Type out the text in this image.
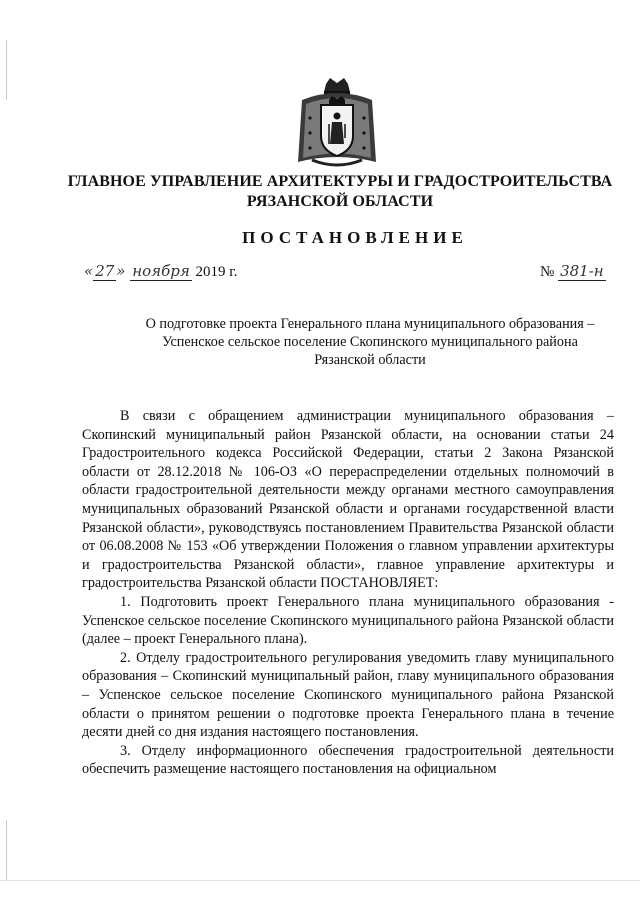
ГЛАВНОЕ УПРАВЛЕНИЕ АРХИТЕКТУРЫ И ГРАДОСТРОИТЕЛЬСТВА
РЯЗАНСКОЙ ОБЛАСТИ
ПОСТАНОВЛЕНИЕ
« 27 » ноября 2019 г.	№ 381-н
О подготовке проекта Генерального плана муниципального образования –
Успенское сельское поселение Скопинского муниципального района
Рязанской области

В связи с обращением администрации муниципального образования – Скопинский муниципальный район Рязанской области, на основании статьи 24 Градостроительного кодекса Российской Федерации, статьи 2 Закона Рязанской области от 28.12.2018 № 106-ОЗ «О перераспределении отдельных полномочий в области градостроительной деятельности между органами местного самоуправления муниципальных образований Рязанской области и органами государственной власти Рязанской области», руководствуясь постановлением Правительства Рязанской области от 06.08.2008 № 153 «Об утверждении Положения о главном управлении архитектуры и градостроительства Рязанской области», главное управление архитектуры и градостроительства Рязанской области ПОСТАНОВЛЯЕТ:

1. Подготовить проект Генерального плана муниципального образования - Успенское сельское поселение Скопинского муниципального района Рязанской области (далее – проект Генерального плана).

2. Отделу градостроительного регулирования уведомить главу муниципального образования – Скопинский муниципальный район, главу муниципального образования – Успенское сельское поселение Скопинского муниципального района Рязанской области о принятом решении о подготовке проекта Генерального плана в течение десяти дней со дня издания настоящего постановления.

3. Отделу информационного обеспечения градостроительной деятельности обеспечить размещение настоящего постановления на официальном
